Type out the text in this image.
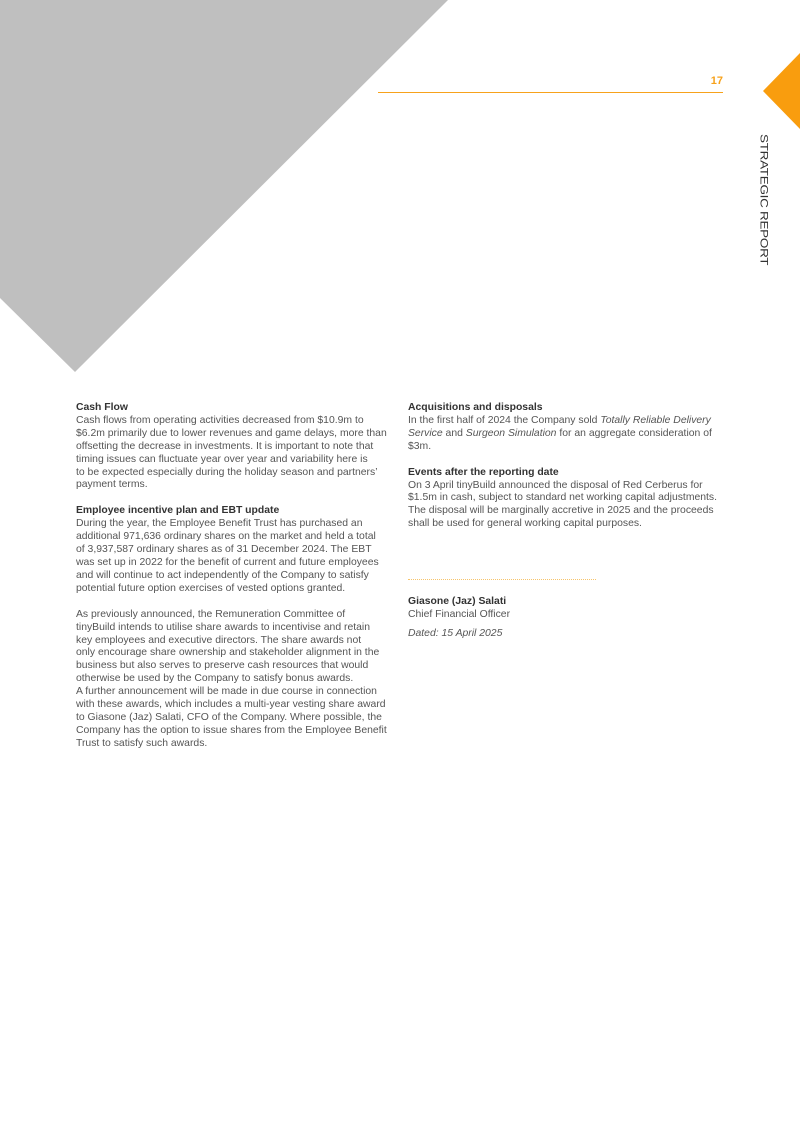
17
STRATEGIC REPORT
Cash Flow
Cash flows from operating activities decreased from $10.9m to
$6.2m primarily due to lower revenues and game delays, more than
offsetting the decrease in investments. It is important to note that
timing issues can fluctuate year over year and variability here is
to be expected especially during the holiday season and partners’
payment terms.
Employee incentive plan and EBT update
During the year, the Employee Benefit Trust has purchased an
additional 971,636 ordinary shares on the market and held a total
of 3,937,587 ordinary shares as of 31 December 2024. The EBT
was set up in 2022 for the benefit of current and future employees
and will continue to act independently of the Company to satisfy
potential future option exercises of vested options granted.
As previously announced, the Remuneration Committee of
tinyBuild intends to utilise share awards to incentivise and retain
key employees and executive directors. The share awards not
only encourage share ownership and stakeholder alignment in the
business but also serves to preserve cash resources that would
otherwise be used by the Company to satisfy bonus awards.
A further announcement will be made in due course in connection
with these awards, which includes a multi-year vesting share award
to Giasone (Jaz) Salati, CFO of the Company. Where possible, the
Company has the option to issue shares from the Employee Benefit
Trust to satisfy such awards.
Acquisitions and disposals
In the first half of 2024 the Company sold Totally Reliable Delivery
Service and Surgeon Simulation for an aggregate consideration of
$3m.
Events after the reporting date
On 3 April tinyBuild announced the disposal of Red Cerberus for
$1.5m in cash, subject to standard net working capital adjustments.
The disposal will be marginally accretive in 2025 and the proceeds
shall be used for general working capital purposes.
Giasone (Jaz) Salati
Chief Financial Officer
Dated: 15 April 2025
